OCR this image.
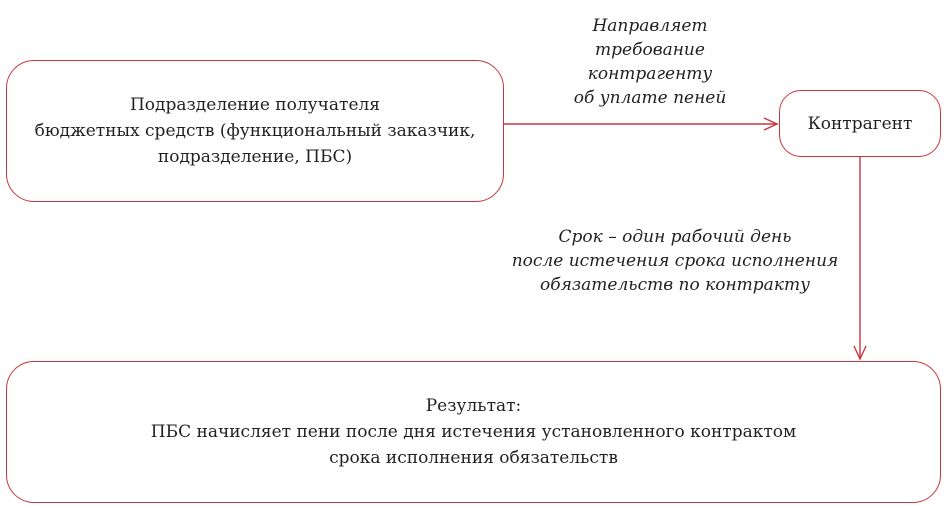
Подразделение получателя
бюджетных средств (функциональный заказчик,
подразделение, ПБС)
Контрагент
Направляет
требование
контрагенту
об уплате пеней
Срок – один рабочий день
после истечения срока исполнения
обязательств по контракту
Результат:
ПБС начисляет пени после дня истечения установленного контрактом
срока исполнения обязательств
